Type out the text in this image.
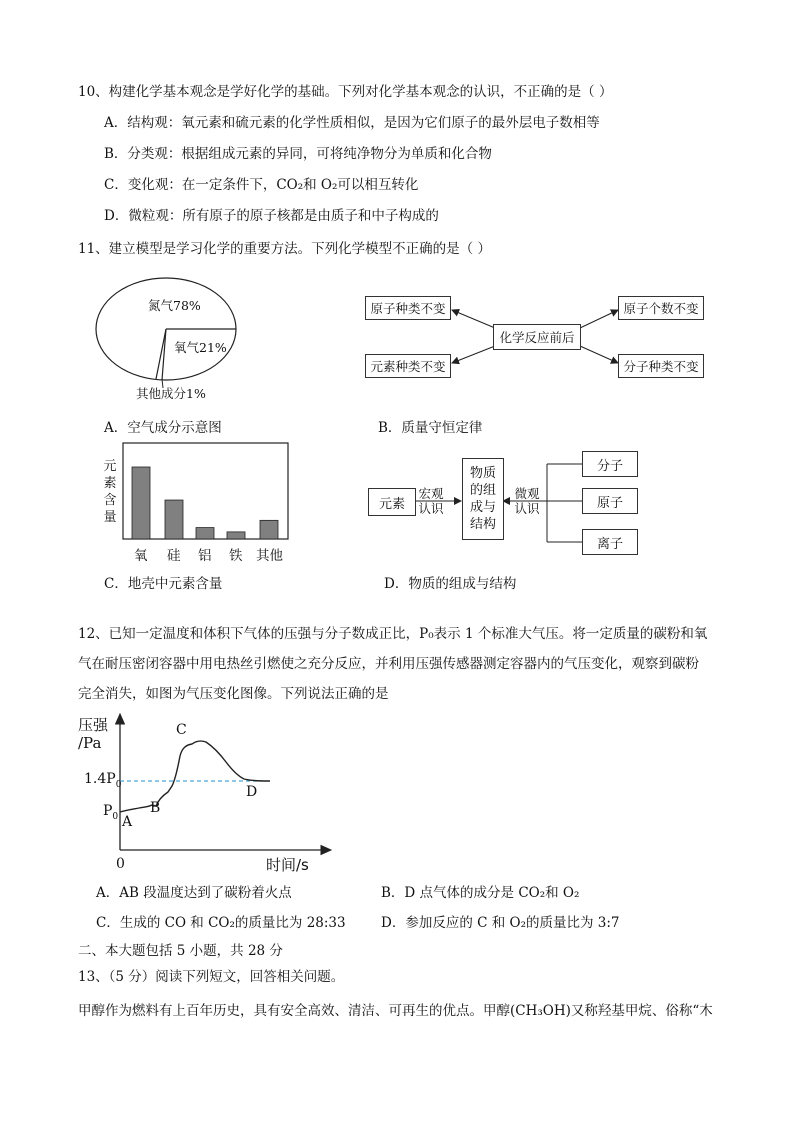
10、构建化学基本观念是学好化学的基础。下列对化学基本观念的认识，不正确的是（ ）
A．结构观：氧元素和硫元素的化学性质相似，是因为它们原子的最外层电子数相等
B．分类观：根据组成元素的异同，可将纯净物分为单质和化合物
C．变化观：在一定条件下，CO₂和 O₂可以相互转化
D．微粒观：所有原子的原子核都是由质子和中子构成的
11、建立模型是学习化学的重要方法。下列化学模型不正确的是（ ）
氮气78%
氧气21%
其他成分1%
A．空气成分示意图
原子种类不变	原子个数不变
化学反应前后
元素种类不变	分子种类不变
B．质量守恒定律
元素含量
氧 硅 铝 铁 其他
C．地壳中元素含量
元素
宏观认识
物质的组成与结构
微观认识
分子
原子
离子
D．物质的组成与结构
12、已知一定温度和体积下气体的压强与分子数成正比，P₀表示 1 个标准大气压。将一定质量的碳粉和氧
气在耐压密闭容器中用电热丝引燃使之充分反应，并利用压强传感器测定容器内的气压变化，观察到碳粉
完全消失，如图为气压变化图像。下列说法正确的是
压强
/Pa
$1.4P_0$
$P_0$ A
B
C
D
0	时间/s
A．AB 段温度达到了碳粉着火点	B．D 点气体的成分是 CO₂和 O₂
C．生成的 CO 和 CO₂的质量比为 28:33	D．参加反应的 C 和 O₂的质量比为 3:7
二、本大题包括 5 小题，共 28 分
13、（5 分）阅读下列短文，回答相关问题。
甲醇作为燃料有上百年历史，具有安全高效、清洁、可再生的优点。甲醇(CH₃OH)又称羟基甲烷、俗称“木
